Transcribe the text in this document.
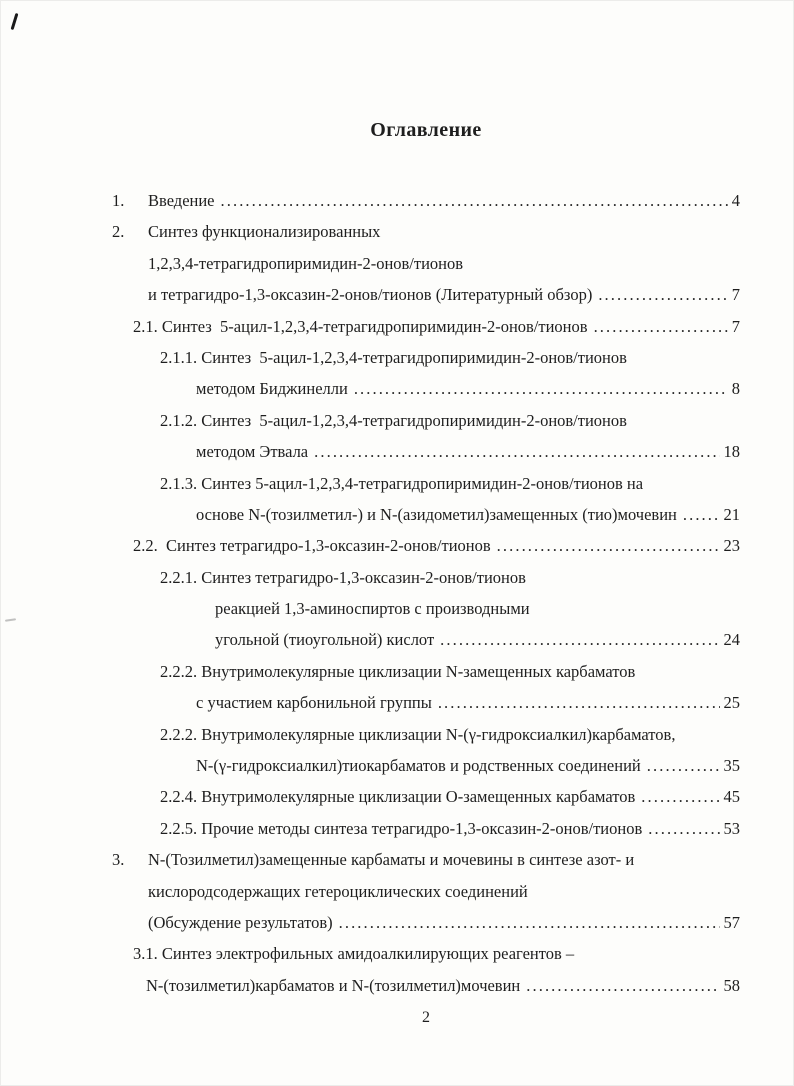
Оглавление
1.	Введение .....	4
2.	Синтез функционализированных
1,2,3,4-тетрагидропиримидин-2-онов/тионов
и тетрагидро-1,3-оксазин-2-онов/тионов (Литературный обзор) .....	7
2.1. Синтез  5-ацил-1,2,3,4-тетрагидропиримидин-2-онов/тионов .....	7
2.1.1. Синтез  5-ацил-1,2,3,4-тетрагидропиримидин-2-онов/тионов
методом Биджинелли .....	8
2.1.2. Синтез  5-ацил-1,2,3,4-тетрагидропиримидин-2-онов/тионов
методом Этвала .....	18
2.1.3. Синтез 5-ацил-1,2,3,4-тетрагидропиримидин-2-онов/тионов на
основе N-(тозилметил-) и N-(азидометил)замещенных (тио)мочевин .....	21
2.2.  Синтез тетрагидро-1,3-оксазин-2-онов/тионов .....	23
2.2.1. Синтез тетрагидро-1,3-оксазин-2-онов/тионов
реакцией 1,3-аминоспиртов с производными
угольной (тиоугольной) кислот .....	24
2.2.2. Внутримолекулярные циклизации N-замещенных карбаматов
с участием карбонильной группы .....	25
2.2.2. Внутримолекулярные циклизации N-(γ-гидроксиалкил)карбаматов,
N-(γ-гидроксиалкил)тиокарбаматов и родственных соединений .....	35
2.2.4. Внутримолекулярные циклизации O-замещенных карбаматов .....	45
2.2.5. Прочие методы синтеза тетрагидро-1,3-оксазин-2-онов/тионов .....	53
3.	N-(Тозилметил)замещенные карбаматы и мочевины в синтезе азот- и
кислородсодержащих гетероциклических соединений
(Обсуждение результатов) .....	57
3.1. Синтез электрофильных амидоалкилирующих реагентов –
N-(тозилметил)карбаматов и N-(тозилметил)мочевин .....	58
2
